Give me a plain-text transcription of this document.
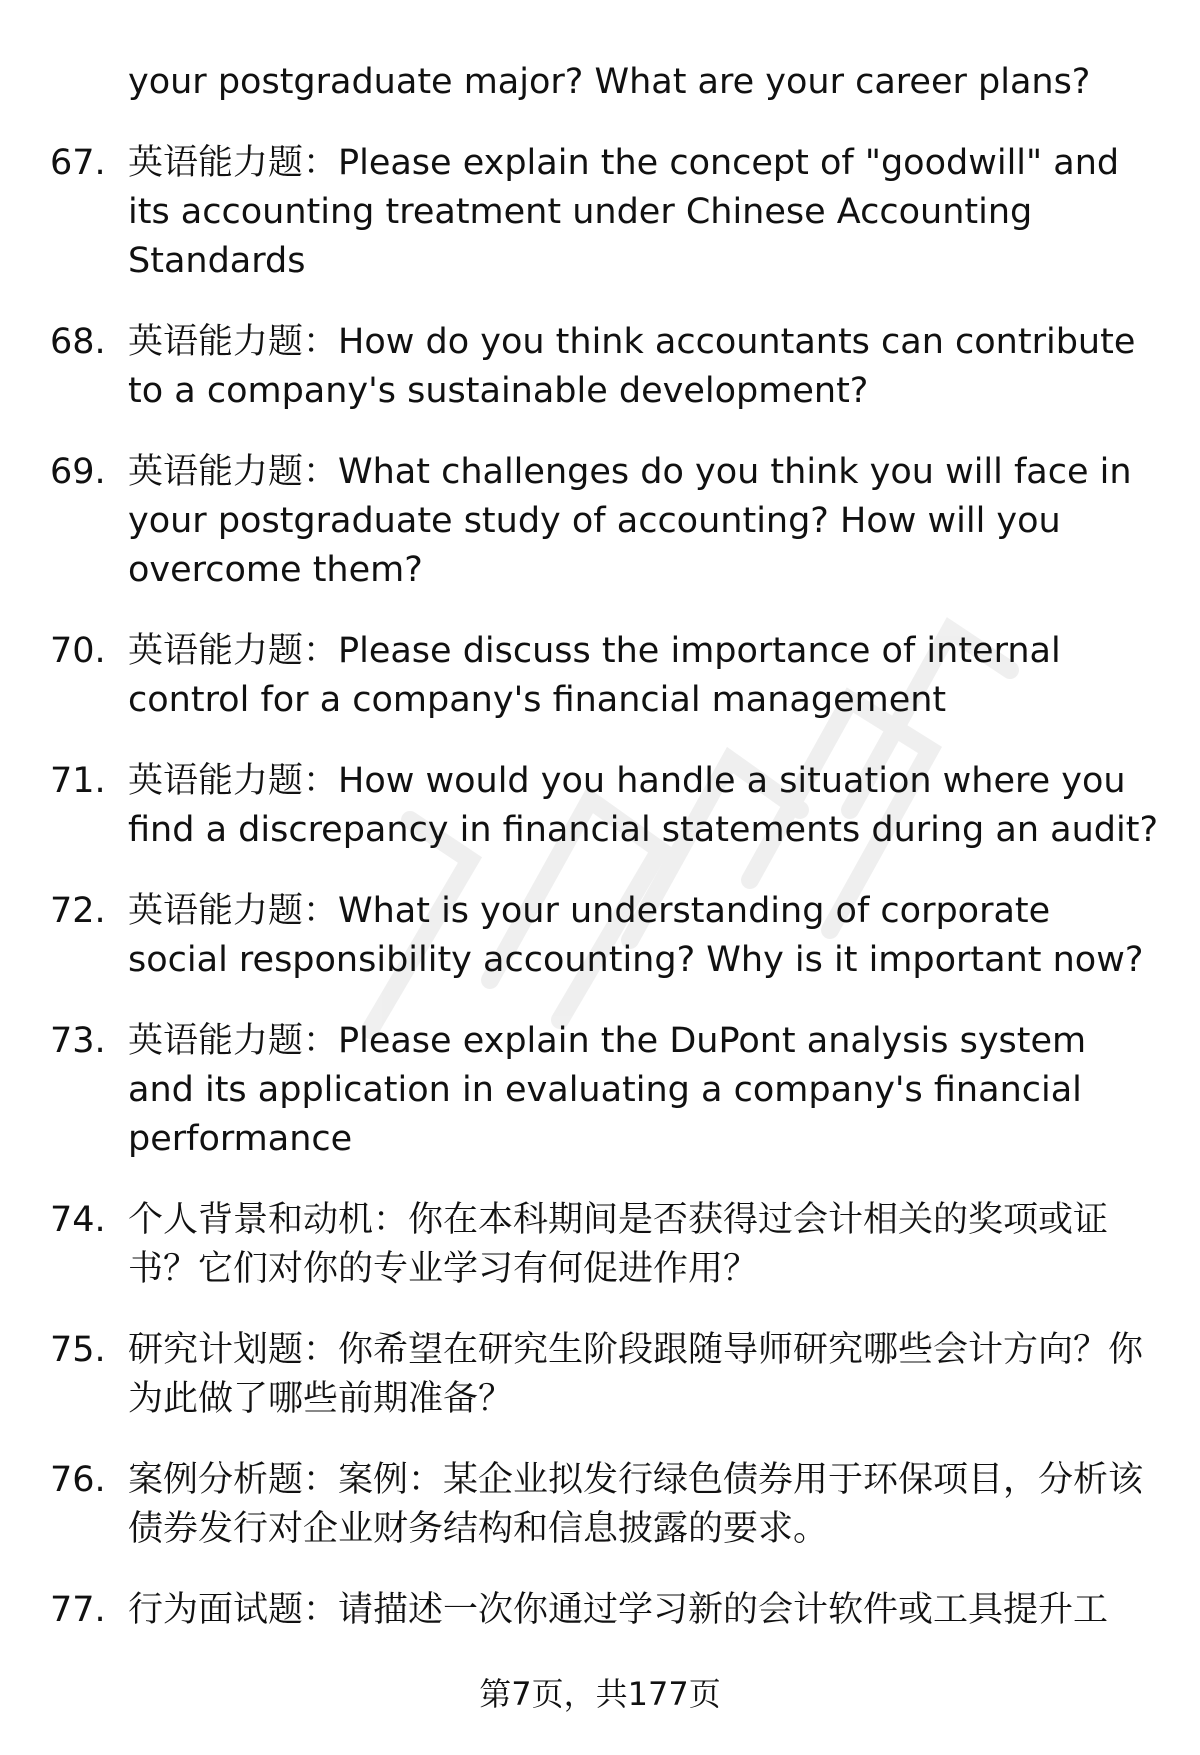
your postgraduate major? What are your career plans?
67. 英语能力题：Please explain the concept of "goodwill" and its accounting treatment under Chinese Accounting Standards
68. 英语能力题：How do you think accountants can contribute to a company's sustainable development?
69. 英语能力题：What challenges do you think you will face in your postgraduate study of accounting? How will you overcome them?
70. 英语能力题：Please discuss the importance of internal control for a company's financial management
71. 英语能力题：How would you handle a situation where you find a discrepancy in financial statements during an audit?
72. 英语能力题：What is your understanding of corporate social responsibility accounting? Why is it important now?
73. 英语能力题：Please explain the DuPont analysis system and its application in evaluating a company's financial performance
74. 个人背景和动机：你在本科期间是否获得过会计相关的奖项或证书？它们对你的专业学习有何促进作用？
75. 研究计划题：你希望在研究生阶段跟随导师研究哪些会计方向？你为此做了哪些前期准备？
76. 案例分析题：案例：某企业拟发行绿色债券用于环保项目，分析该债券发行对企业财务结构和信息披露的要求。
77. 行为面试题：请描述一次你通过学习新的会计软件或工具提升工
第7页，共177页
